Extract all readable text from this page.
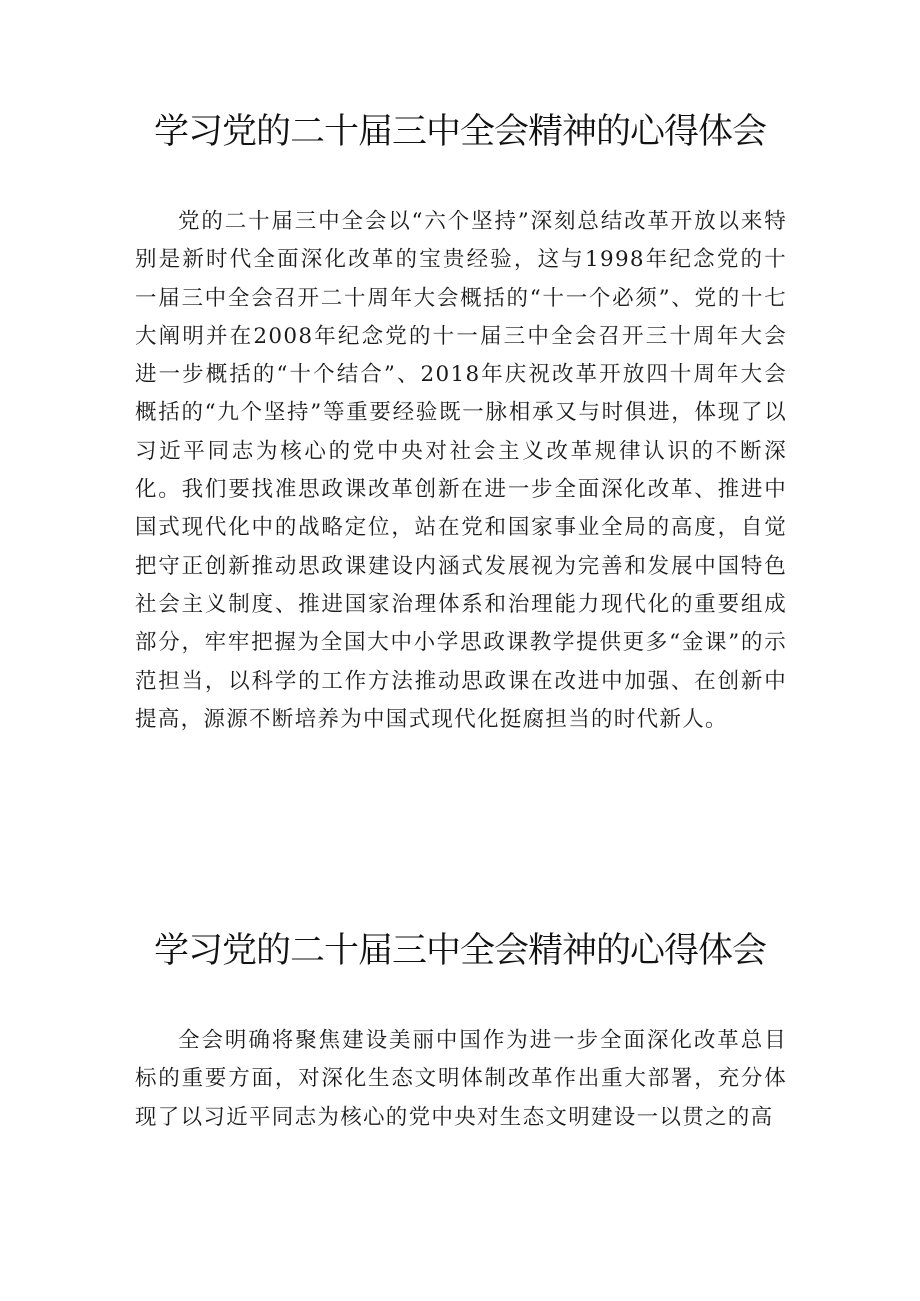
学习党的二十届三中全会精神的心得体会

党的二十届三中全会以“六个坚持”深刻总结改革开放以来特别是新时代全面深化改革的宝贵经验，这与1998年纪念党的十一届三中全会召开二十周年大会概括的“十一个必须”、党的十七大阐明并在2008年纪念党的十一届三中全会召开三十周年大会进一步概括的“十个结合”、2018年庆祝改革开放四十周年大会概括的“九个坚持”等重要经验既一脉相承又与时俱进，体现了以习近平同志为核心的党中央对社会主义改革规律认识的不断深化。我们要找准思政课改革创新在进一步全面深化改革、推进中国式现代化中的战略定位，站在党和国家事业全局的高度，自觉把守正创新推动思政课建设内涵式发展视为完善和发展中国特色社会主义制度、推进国家治理体系和治理能力现代化的重要组成部分，牢牢把握为全国大中小学思政课教学提供更多“金课”的示范担当，以科学的工作方法推动思政课在改进中加强、在创新中提高，源源不断培养为中国式现代化挺腐担当的时代新人。

学习党的二十届三中全会精神的心得体会

全会明确将聚焦建设美丽中国作为进一步全面深化改革总目标的重要方面，对深化生态文明体制改革作出重大部署，充分体现了以习近平同志为核心的党中央对生态文明建设一以贯之的高
